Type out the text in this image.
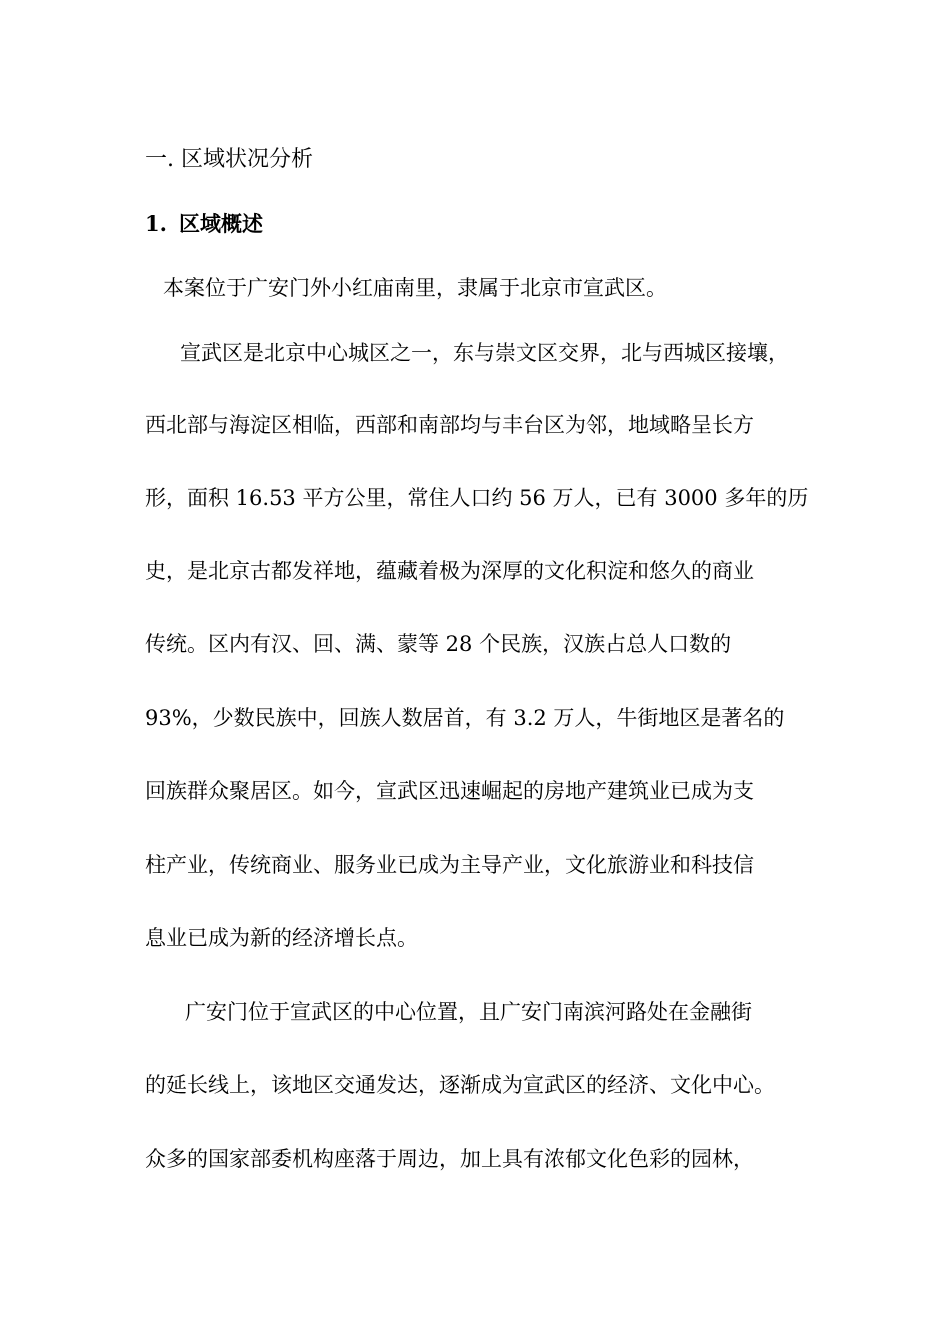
一. 区域状况分析
1. 区域概述
本案位于广安门外小红庙南里，隶属于北京市宣武区。
宣武区是北京中心城区之一，东与崇文区交界，北与西城区接壤，
西北部与海淀区相临，西部和南部均与丰台区为邻，地域略呈长方
形，面积 16.53 平方公里，常住人口约 56 万人，已有 3000 多年的历
史，是北京古都发祥地，蕴藏着极为深厚的文化积淀和悠久的商业
传统。区内有汉、回、满、蒙等 28 个民族，汉族占总人口数的
93%，少数民族中，回族人数居首，有 3.2 万人，牛街地区是著名的
回族群众聚居区。如今，宣武区迅速崛起的房地产建筑业已成为支
柱产业，传统商业、服务业已成为主导产业，文化旅游业和科技信
息业已成为新的经济增长点。
广安门位于宣武区的中心位置，且广安门南滨河路处在金融街
的延长线上，该地区交通发达，逐渐成为宣武区的经济、文化中心。
众多的国家部委机构座落于周边，加上具有浓郁文化色彩的园林，
